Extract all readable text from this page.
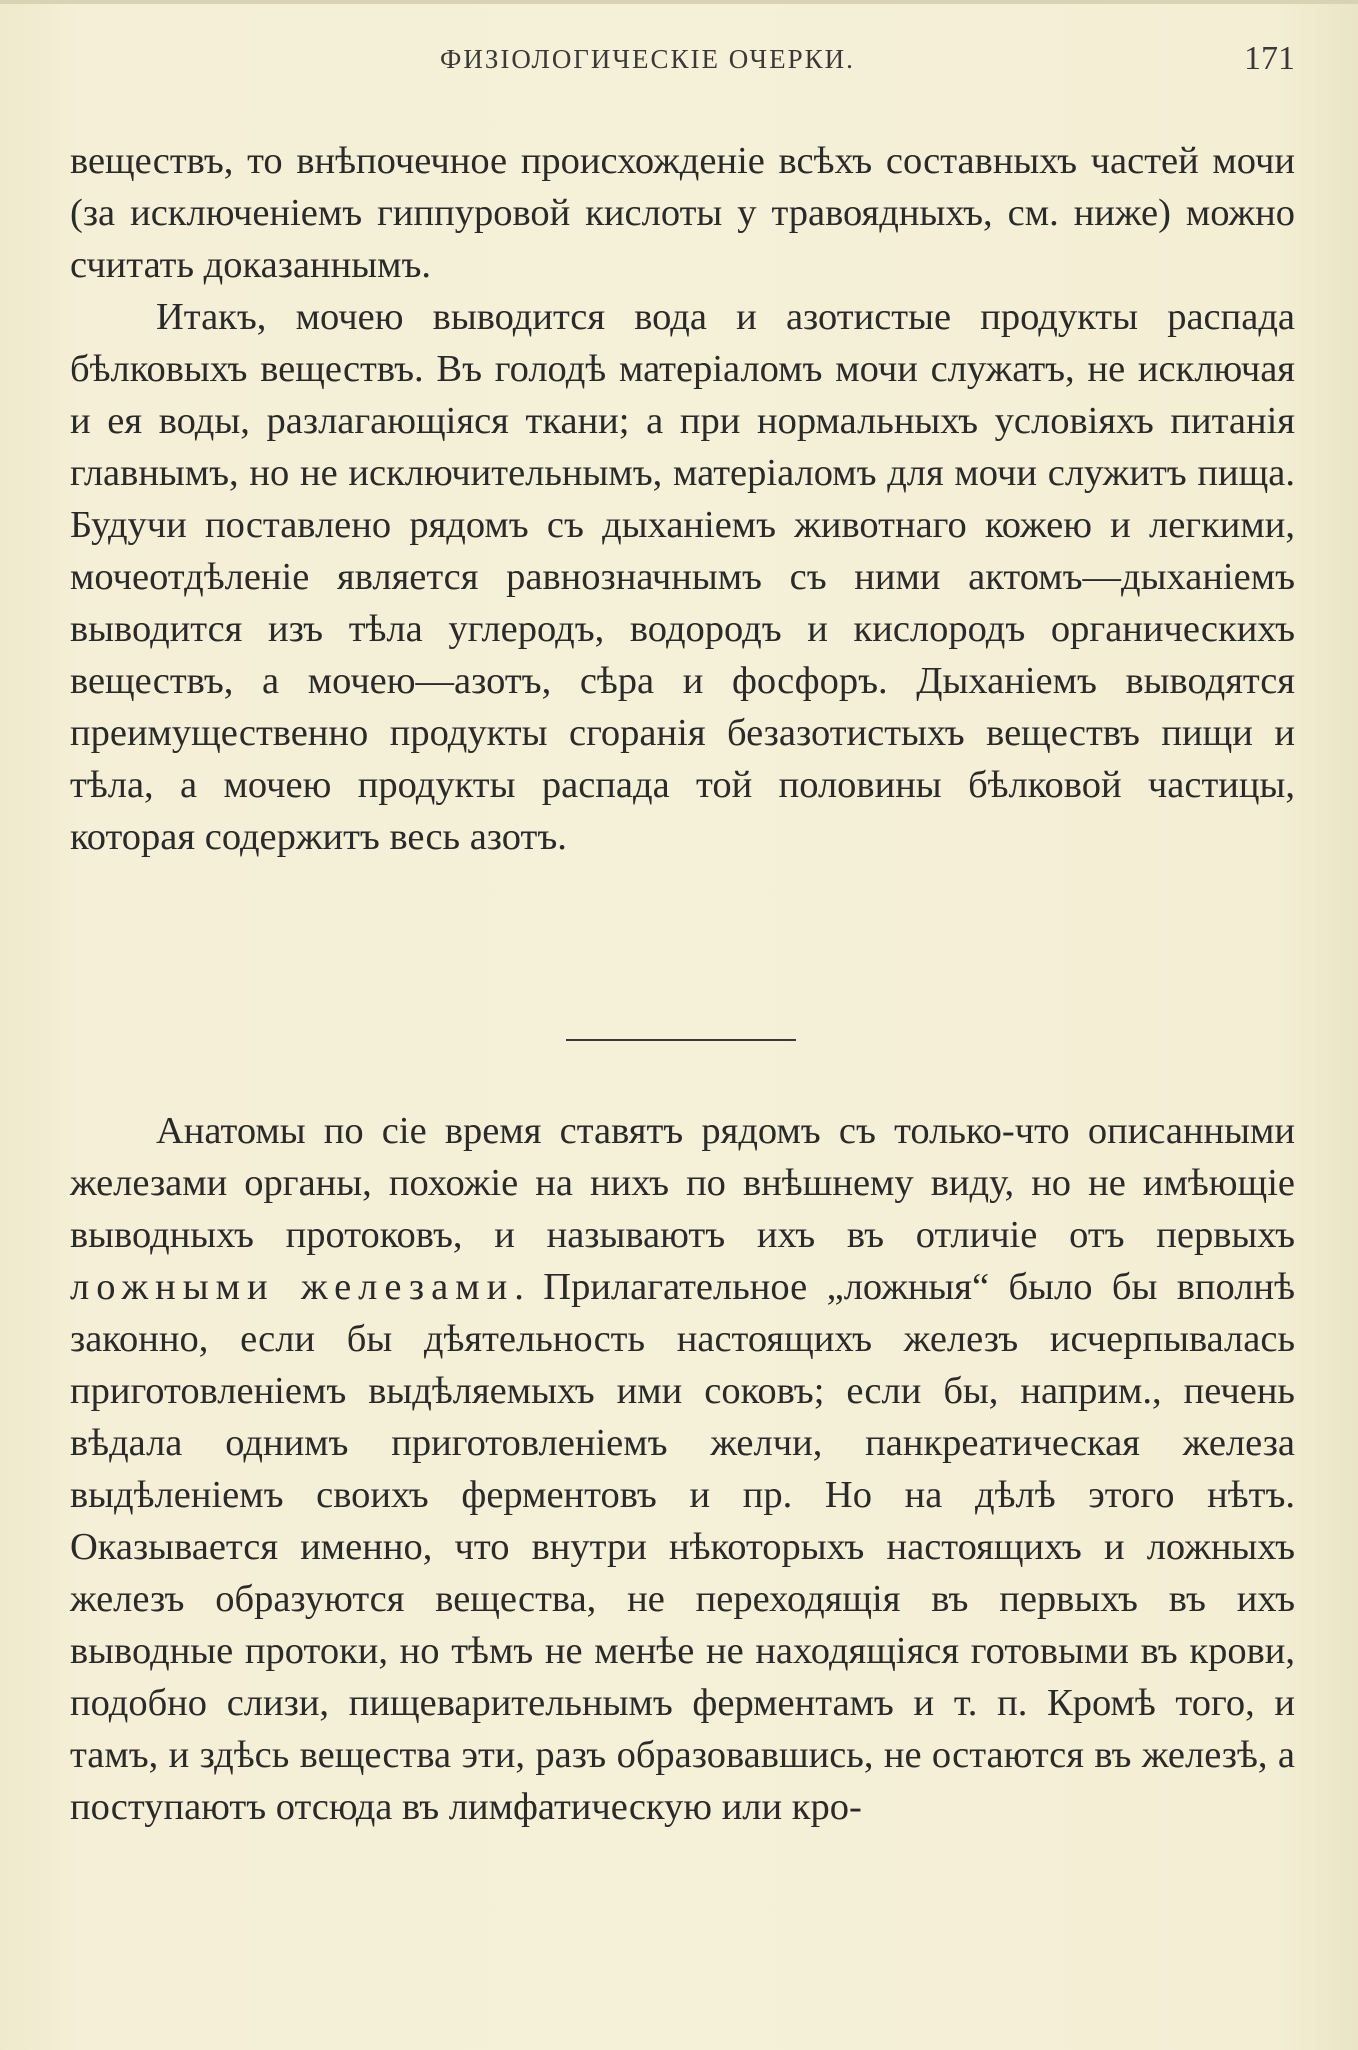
ФИЗIОЛОГИЧЕСКIЕ ОЧЕРКИ.	171

веществъ, то внѣпочечное происхожденіе всѣхъ составныхъ частей мочи (за исключеніемъ гиппуровой кислоты у травоядныхъ, см. ниже) можно считать доказаннымъ.

Итакъ, мочею выводится вода и азотистые продукты распада бѣлковыхъ веществъ. Въ голодѣ матеріаломъ мочи служатъ, не исключая и ея воды, разлагающіяся ткани; а при нормальныхъ условіяхъ питанія главнымъ, но не исключительнымъ, матеріаломъ для мочи служитъ пища. Будучи поставлено рядомъ съ дыханіемъ животнаго кожею и легкими, мочеотдѣленіе является равнозначнымъ съ ними актомъ—дыханіемъ выводится изъ тѣла углеродъ, водородъ и кислородъ органическихъ веществъ, а мочею—азотъ, сѣра и фосфоръ. Дыханіемъ выводятся преимущественно продукты сгоранія безазотистыхъ веществъ пищи и тѣла, а мочею продукты распада той половины бѣлковой частицы, которая содержитъ весь азотъ.

Анатомы по сіе время ставятъ рядомъ съ только-что описанными железами органы, похожіе на нихъ по внѣшнему виду, но не имѣющіе выводныхъ протоковъ, и называютъ ихъ въ отличіе отъ первыхъ ложными железами. Прилагательное „ложныя“ было бы вполнѣ законно, если бы дѣятельность настоящихъ железъ исчерпывалась приготовленіемъ выдѣляемыхъ ими соковъ; если бы, наприм., печень вѣдала однимъ приготовленіемъ желчи, панкреатическая железа выдѣленіемъ своихъ ферментовъ и пр. Но на дѣлѣ этого нѣтъ. Оказывается именно, что внутри нѣкоторыхъ настоящихъ и ложныхъ железъ образуются вещества, не переходящія въ первыхъ въ ихъ выводные протоки, но тѣмъ не менѣе не находящіяся готовыми въ крови, подобно слизи, пищеварительнымъ ферментамъ и т. п. Кромѣ того, и тамъ, и здѣсь вещества эти, разъ образовавшись, не остаются въ железѣ, а поступаютъ отсюда въ лимфатическую или кро-
